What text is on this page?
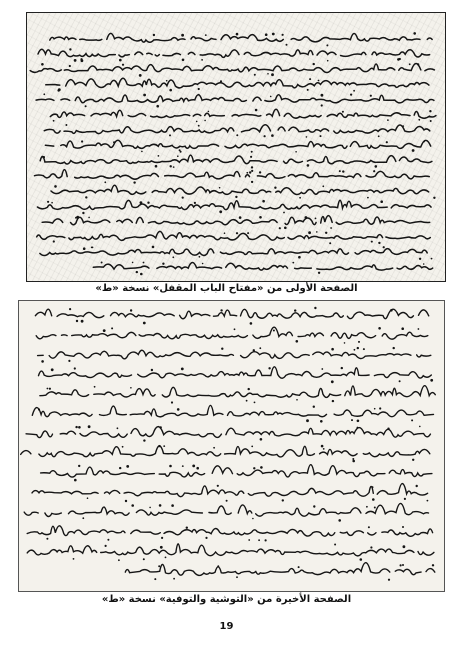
الصفحة الأولى من «مفتاح الباب المقفل» نسخة «ط»
الصفحة الأخيرة من «التوشية والتوفية» نسخة «ط»
19
